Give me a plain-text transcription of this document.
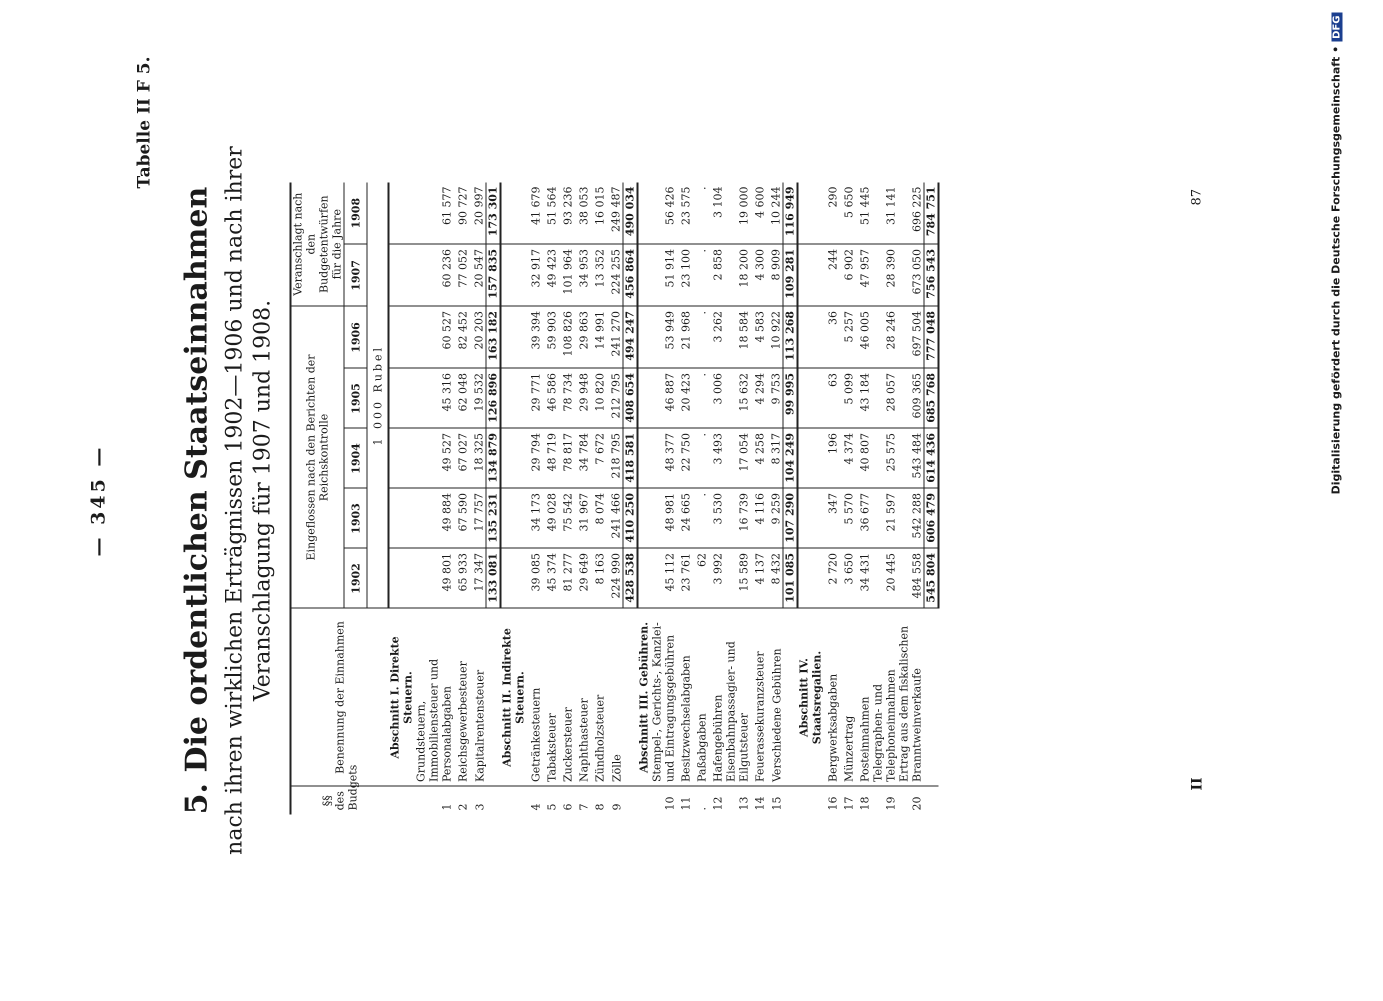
— 345 —
Tabelle II F 5.
5. Die ordentlichen Staatseinnahmen nach ihren wirklichen Erträgnissen 1902—1906 und nach ihrer Veranschlagung für 1907 und 1908.
§§ des Budgets	Benennung der Einnahmen	Eingeflossen nach den Berichten der Reichskontrolle					Veranschlagt nach den Budgetentwürfen für die Jahre	
		1902	1903	1904	1905	1906	1907	1908
		1 000 Rubel						
	Abschnitt I. Direkte Steuern.							
1	Grundsteuern, Immobiliensteuer und Personalabgaben	49 801	49 884	49 527	45 316	60 527	60 236	61 577
2	Reichsgewerbesteuer	65 933	67 590	67 027	62 048	82 452	77 052	90 727
3	Kapitalrentensteuer	17 347	17 757	18 325	19 532	20 203	20 547	20 997
		133 081	135 231	134 879	126 896	163 182	157 835	173 301
	Abschnitt II. Indirekte Steuern.							
4	Getränkesteuern	39 085	34 173	29 794	29 771	39 394	32 917	41 679
5	Tabaksteuer	45 374	49 028	48 719	46 586	59 903	49 423	51 564
6	Zuckersteuer	81 277	75 542	78 817	78 734	108 826	101 964	93 236
7	Naphthasteuer	29 649	31 967	34 784	29 948	29 863	34 953	38 053
8	Zündholzsteuer	8 163	8 074	7 672	10 820	14 991	13 352	16 015
9	Zölle	224 990	241 466	218 795	212 795	241 270	224 255	249 487
		428 538	410 250	418 581	408 654	494 247	456 864	490 034
	Abschnitt III. Gebühren.							
10	Stempel-, Gerichts-, Kanzlei- und Eintragungsgebühren	45 112	48 981	48 377	46 887	53 949	51 914	56 426
11	Besitzwechselabgaben	23 761	24 665	22 750	20 423	21 968	23 100	23 575
.	Paßabgaben	62	.	.	.	.	.	.
12	Hafengebühren	3 992	3 530	3 493	3 006	3 262	2 858	3 104
13	Eisenbahnpassagier- und Eilgutsteuer	15 589	16 739	17 054	15 632	18 584	18 200	19 000
14	Feuerassekuranzsteuer	4 137	4 116	4 258	4 294	4 583	4 300	4 600
15	Verschiedene Gebühren	8 432	9 259	8 317	9 753	10 922	8 909	10 244
		101 085	107 290	104 249	99 995	113 268	109 281	116 949
	Abschnitt IV. Staatsregalien.							
16	Bergwerksabgaben	2 720	347	196	63	36	244	290
17	Münzertrag	3 650	5 570	4 374	5 099	5 257	6 902	5 650
18	Posteinnahmen	34 431	36 677	40 807	43 184	46 005	47 957	51 445
19	Telegraphen- und Telephoneinnahmen	20 445	21 597	25 575	28 057	28 246	28 390	31 141
20	Ertrag aus dem fiskalischen Branntweinverkaufe	484 558	542 288	543 484	609 365	697 504	673 050	696 225
		545 804	606 479	614 436	685 768	777 048	756 543	784 751
II
87	Digitalisierung gefördert durch die Deutsche Forschungsgemeinschaft •DFG
